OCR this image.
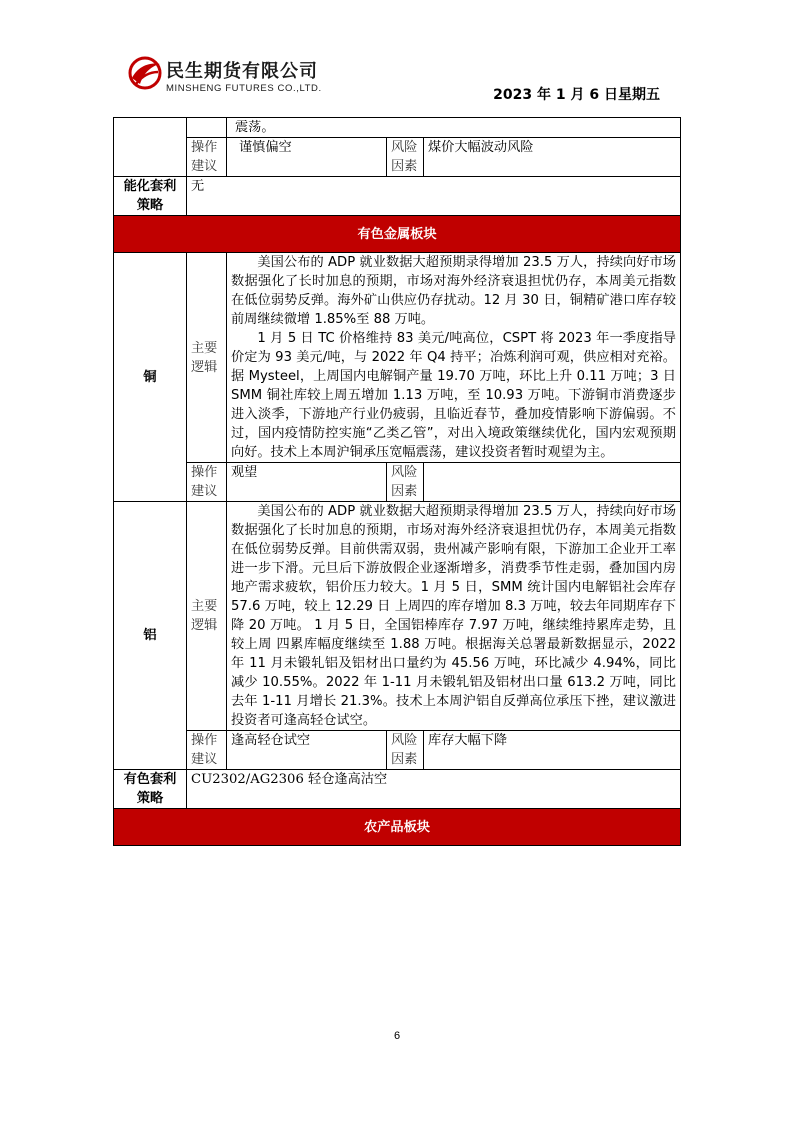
民生期货有限公司
MINSHENG FUTURES CO.,LTD.	2023 年 1 月 6 日星期五
		震荡。		
	操作建议	谨慎偏空	风险因素	煤价大幅波动风险
能化套利策略	无			
有色金属板块				
铜	主要逻辑	美国公布的 ADP 就业数据大超预期录得增加 23.5 万人，持续向好市场数据强化了长时加息的预期，市场对海外经济衰退担忧仍存，本周美元指数在低位弱势反弹。海外矿山供应仍存扰动。12 月 30 日，铜精矿港口库存较前周继续微增 1.85%至 88 万吨。

1 月 5 日 TC 价格维持 83 美元/吨高位，CSPT 将 2023 年一季度指导价定为 93 美元/吨，与 2022 年 Q4 持平；冶炼利润可观，供应相对充裕。据 Mysteel，上周国内电解铜产量 19.70 万吨，环比上升 0.11 万吨；3 日 SMM 铜社库较上周五增加 1.13 万吨，至 10.93 万吨。下游铜市消费逐步进入淡季，下游地产行业仍疲弱，且临近春节，叠加疫情影响下游偏弱。不过，国内疫情防控实施“乙类乙管”，对出入境政策继续优化，国内宏观预期向好。技术上本周沪铜承压宽幅震荡，建议投资者暂时观望为主。		

	操作建议	观望	风险因素	
铝	主要逻辑	美国公布的 ADP 就业数据大超预期录得增加 23.5 万人，持续向好市场数据强化了长时加息的预期，市场对海外经济衰退担忧仍存，本周美元指数在低位弱势反弹。目前供需双弱，贵州减产影响有限，下游加工企业开工率进一步下滑。元旦后下游放假企业逐渐增多，消费季节性走弱，叠加国内房地产需求疲软，铝价压力较大。1 月 5 日，SMM 统计国内电解铝社会库存 57.6 万吨，较上 12.29 日 上周四的库存增加 8.3 万吨，较去年同期库存下降 20 万吨。 1 月 5 日，全国铝棒库存 7.97 万吨，继续维持累库走势，且较上周 四累库幅度继续至 1.88 万吨。根据海关总署最新数据显示，2022 年 11 月未锻轧铝及铝材出口量约为 45.56 万吨，环比减少 4.94%，同比减少 10.55%。2022 年 1-11 月未锻轧铝及铝材出口量 613.2 万吨，同比去年 1-11 月增长 21.3%。技术上本周沪铝自反弹高位承压下挫，建议激进投资者可逢高轻仓试空。		

	操作建议	逢高轻仓试空	风险因素	库存大幅下降
有色套利策略	CU2302/AG2306 轻仓逢高沽空			
农产品板块				
6
